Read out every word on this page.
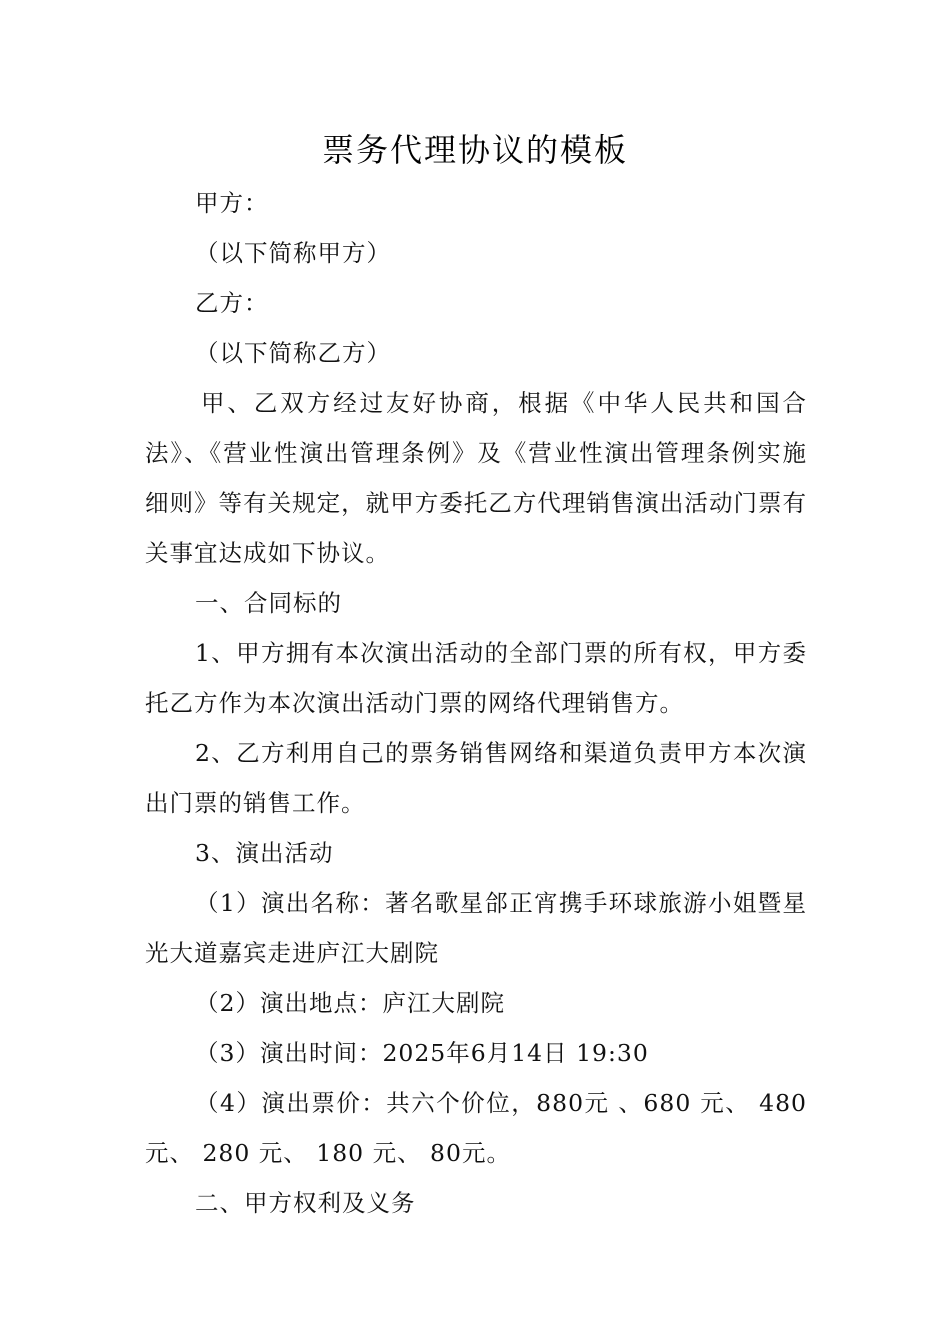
票务代理协议的模板

甲方：

（以下简称甲方）

乙方：

（以下简称乙方）

甲、乙双方经过友好协商，根据《中华人民共和国合法》、《营业性演出管理条例》及《营业性演出管理条例实施细则》等有关规定，就甲方委托乙方代理销售演出活动门票有关事宜达成如下协议。

一、合同标的

1、甲方拥有本次演出活动的全部门票的所有权，甲方委托乙方作为本次演出活动门票的网络代理销售方。

2、乙方利用自己的票务销售网络和渠道负责甲方本次演出门票的销售工作。

3、演出活动

（1）演出名称：著名歌星郃正宵携手环球旅游小姐暨星光大道嘉宾走进庐江大剧院

（2）演出地点：庐江大剧院

（3）演出时间：2025年6月14日 19:30

（4）演出票价：共六个价位，880元 、680 元、 480元、 280 元、 180 元、 80元。

二、甲方权利及义务
